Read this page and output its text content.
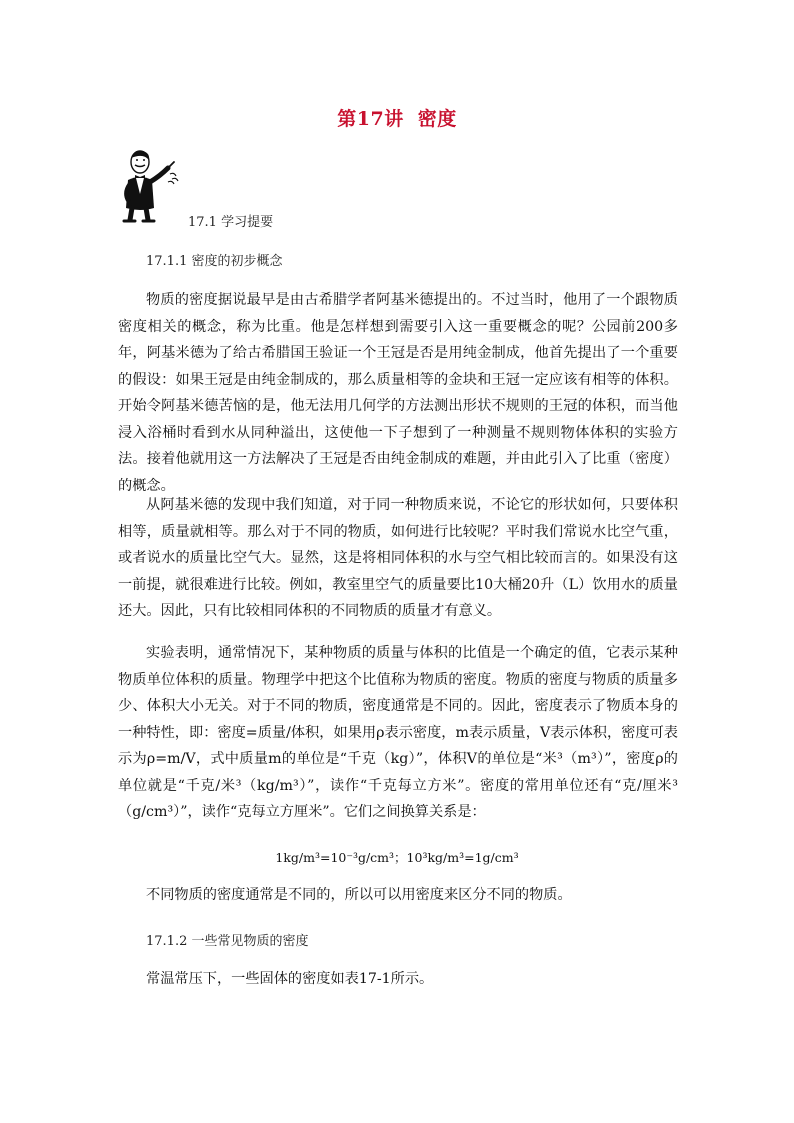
第17讲 密度
17.1 学习提要
17.1.1 密度的初步概念

物质的密度据说最早是由古希腊学者阿基米德提出的。不过当时，他用了一个跟物质密度相关的概念，称为比重。他是怎样想到需要引入这一重要概念的呢？公园前200多年，阿基米德为了给古希腊国王验证一个王冠是否是用纯金制成，他首先提出了一个重要的假设：如果王冠是由纯金制成的，那么质量相等的金块和王冠一定应该有相等的体积。开始令阿基米德苦恼的是，他无法用几何学的方法测出形状不规则的王冠的体积，而当他浸入浴桶时看到水从同种溢出，这使他一下子想到了一种测量不规则物体体积的实验方法。接着他就用这一方法解决了王冠是否由纯金制成的难题，并由此引入了比重（密度）的概念。

从阿基米德的发现中我们知道，对于同一种物质来说，不论它的形状如何，只要体积相等，质量就相等。那么对于不同的物质，如何进行比较呢？平时我们常说水比空气重，或者说水的质量比空气大。显然，这是将相同体积的水与空气相比较而言的。如果没有这一前提，就很难进行比较。例如，教室里空气的质量要比10大桶20升（L）饮用水的质量还大。因此，只有比较相同体积的不同物质的质量才有意义。

实验表明，通常情况下，某种物质的质量与体积的比值是一个确定的值，它表示某种物质单位体积的质量。物理学中把这个比值称为物质的密度。物质的密度与物质的质量多少、体积大小无关。对于不同的物质，密度通常是不同的。因此，密度表示了物质本身的一种特性，即：密度=质量/体积，如果用ρ表示密度，m表示质量，V表示体积，密度可表示为ρ=m/V，式中质量m的单位是“千克（kg）”，体积V的单位是“米³（m³）”，密度ρ的单位就是“千克/米³（kg/m³）”，读作“千克每立方米”。密度的常用单位还有“克/厘米³（g/cm³）”，读作“克每立方厘米”。它们之间换算关系是：

1kg/m³=10⁻³g/cm³；10³kg/m³=1g/cm³

不同物质的密度通常是不同的，所以可以用密度来区分不同的物质。

17.1.2 一些常见物质的密度

常温常压下，一些固体的密度如表17-1所示。
